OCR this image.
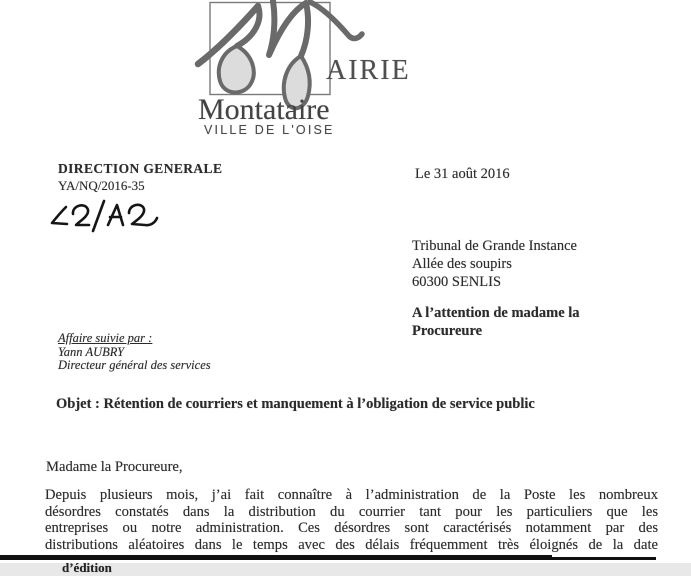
AIRIE
Montataire
VILLE DE L'OISE
DIRECTION GENERALE
YA/NQ/2016-35
Le 31 août 2016
Tribunal de Grande Instance
Allée des soupirs
60300 SENLIS
A l’attention de madame la
Procureure
Affaire suivie par :
Yann AUBRY
Directeur général des services
Objet : Rétention de courriers et manquement à l’obligation de service public
Madame la Procureure,
Depuis plusieurs mois, j’ai fait connaître à l’administration de la Poste les nombreux
désordres constatés dans la distribution du courrier tant pour les particuliers que les
entreprises ou notre administration. Ces désordres sont caractérisés notamment par des
distributions aléatoires dans le temps avec des délais fréquemment très éloignés de la date
d’édition
